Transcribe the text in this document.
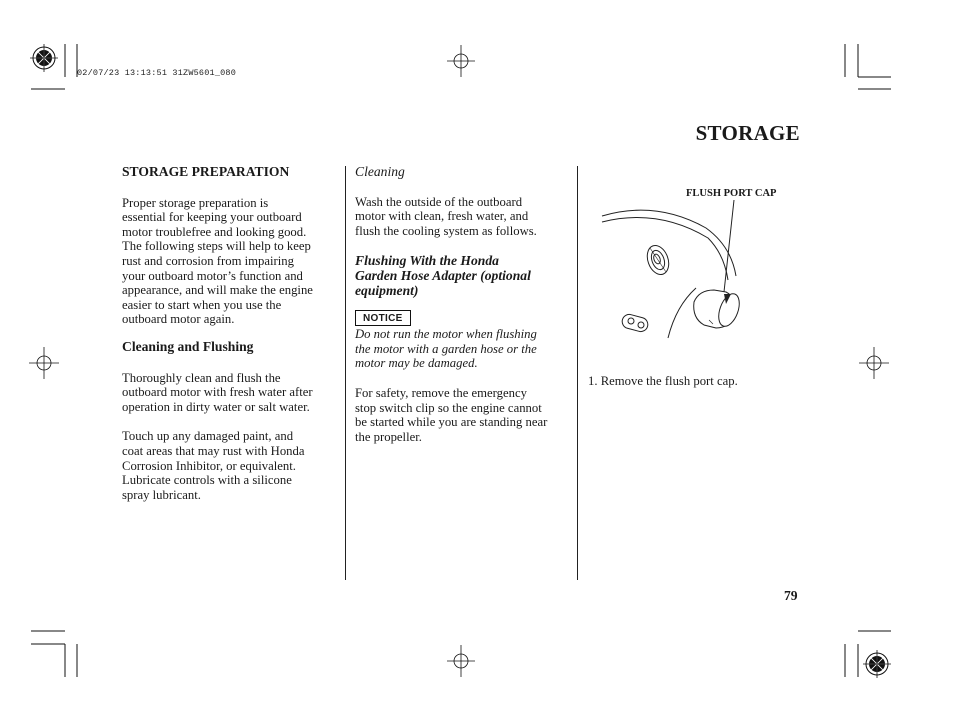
02/07/23 13:13:51 31ZW5601_080
STORAGE

STORAGE PREPARATION

Proper storage preparation is
essential for keeping your outboard
motor troublefree and looking good.
The following steps will help to keep
rust and corrosion from impairing
your outboard motor’s function and
appearance, and will make the engine
easier to start when you use the
outboard motor again.

Cleaning and Flushing

Thoroughly clean and flush the
outboard motor with fresh water after
operation in dirty water or salt water.

Touch up any damaged paint, and
coat areas that may rust with Honda
Corrosion Inhibitor, or equivalent.
Lubricate controls with a silicone
spray lubricant.

Cleaning

Wash the outside of the outboard
motor with clean, fresh water, and
flush the cooling system as follows.

Flushing With the Honda
Garden Hose Adapter (optional
equipment)

NOTICE

Do not run the motor when flushing
the motor with a garden hose or the
motor may be damaged.

For safety, remove the emergency
stop switch clip so the engine cannot
be started while you are standing near
the propeller.

FLUSH PORT CAP
1. Remove the flush port cap.
79
